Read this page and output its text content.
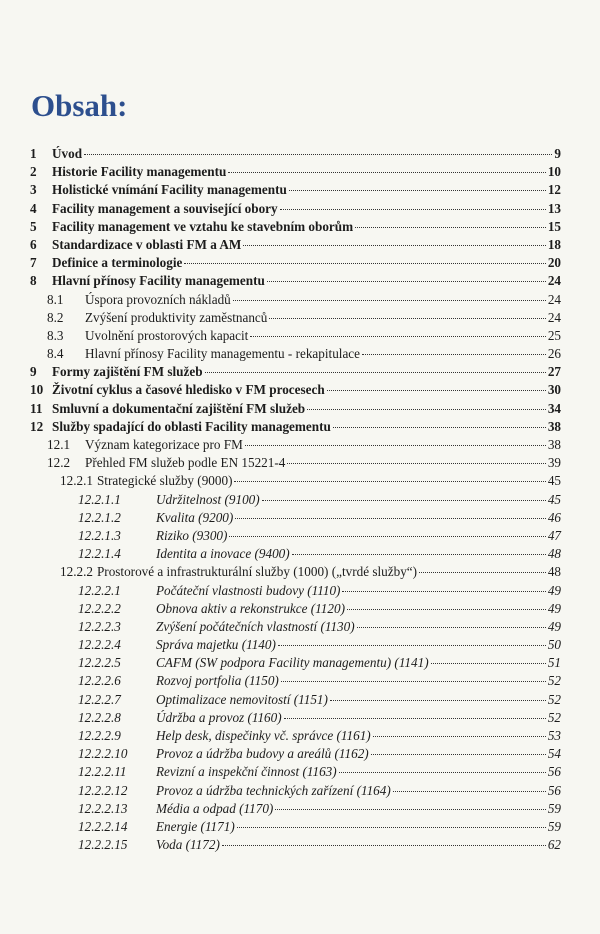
Obsah:
1	Úvod	9
2	Historie Facility managementu	10
3	Holistické vnímání Facility managementu	12
4	Facility management a související obory	13
5	Facility management ve vztahu ke stavebním oborům	15
6	Standardizace v oblasti FM a AM	18
7	Definice a terminologie	20
8	Hlavní přínosy Facility managementu	24
8.1	Úspora provozních nákladů	24
8.2	Zvýšení produktivity zaměstnanců	24
8.3	Uvolnění prostorových kapacit	25
8.4	Hlavní přínosy Facility managementu - rekapitulace	26
9	Formy zajištění FM služeb	27
10 Životní cyklus a časové hledisko v FM procesech	30
11 Smluvní a dokumentační zajištění FM služeb	34
12 Služby spadající do oblasti Facility managementu	38
12.1	Význam kategorizace pro FM	38
12.2	Přehled FM služeb podle EN 15221-4	39
12.2.1 Strategické služby (9000)	45
12.2.1.1	Udržitelnost (9100)	45
12.2.1.2	Kvalita (9200)	46
12.2.1.3	Riziko (9300)	47
12.2.1.4	Identita a inovace (9400)	48
12.2.2 Prostorové a infrastrukturální služby (1000) („tvrdé služby“)	48
12.2.2.1	Počáteční vlastnosti budovy (1110)	49
12.2.2.2	Obnova aktiv a rekonstrukce (1120)	49
12.2.2.3	Zvýšení počátečních vlastností (1130)	49
12.2.2.4	Správa majetku (1140)	50
12.2.2.5	CAFM (SW podpora Facility managementu) (1141)	51
12.2.2.6	Rozvoj portfolia (1150)	52
12.2.2.7	Optimalizace nemovitostí (1151)	52
12.2.2.8	Údržba a provoz (1160)	52
12.2.2.9	Help desk, dispečinky vč. správce (1161)	53
12.2.2.10	Provoz a údržba budovy a areálů (1162)	54
12.2.2.11	Revizní a inspekční činnost (1163)	56
12.2.2.12	Provoz a údržba technických zařízení (1164)	56
12.2.2.13	Média a odpad (1170)	59
12.2.2.14	Energie (1171)	59
12.2.2.15	Voda (1172)	62
